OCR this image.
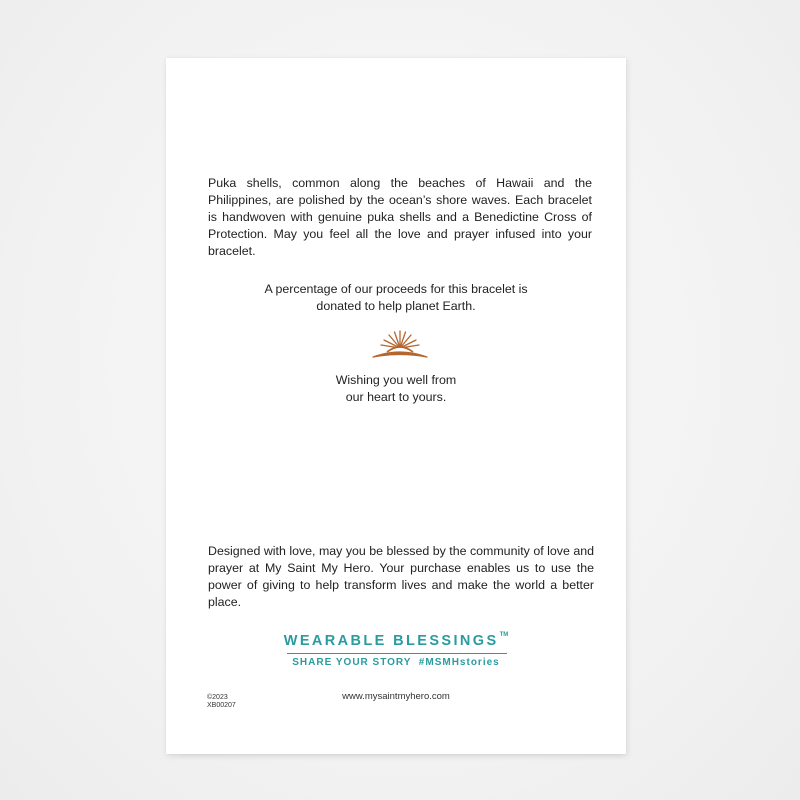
Puka shells, common along the beaches of Hawaii and the Philippines, are polished by the ocean’s shore waves. Each bracelet is handwoven with genuine puka shells and a Benedictine Cross of Protection. May you feel all the love and prayer infused into your bracelet.
A percentage of our proceeds for this bracelet is
donated to help planet Earth.
Wishing you well from
our heart to yours.
Designed with love, may you be blessed by the community of love and prayer at My Saint My Hero. Your purchase enables us to use the power of giving to help transform lives and make the world a better place.
WEARABLE BLESSINGS™
SHARE YOUR STORY  #MSMHstories
©2023
XB00207
www.mysaintmyhero.com
